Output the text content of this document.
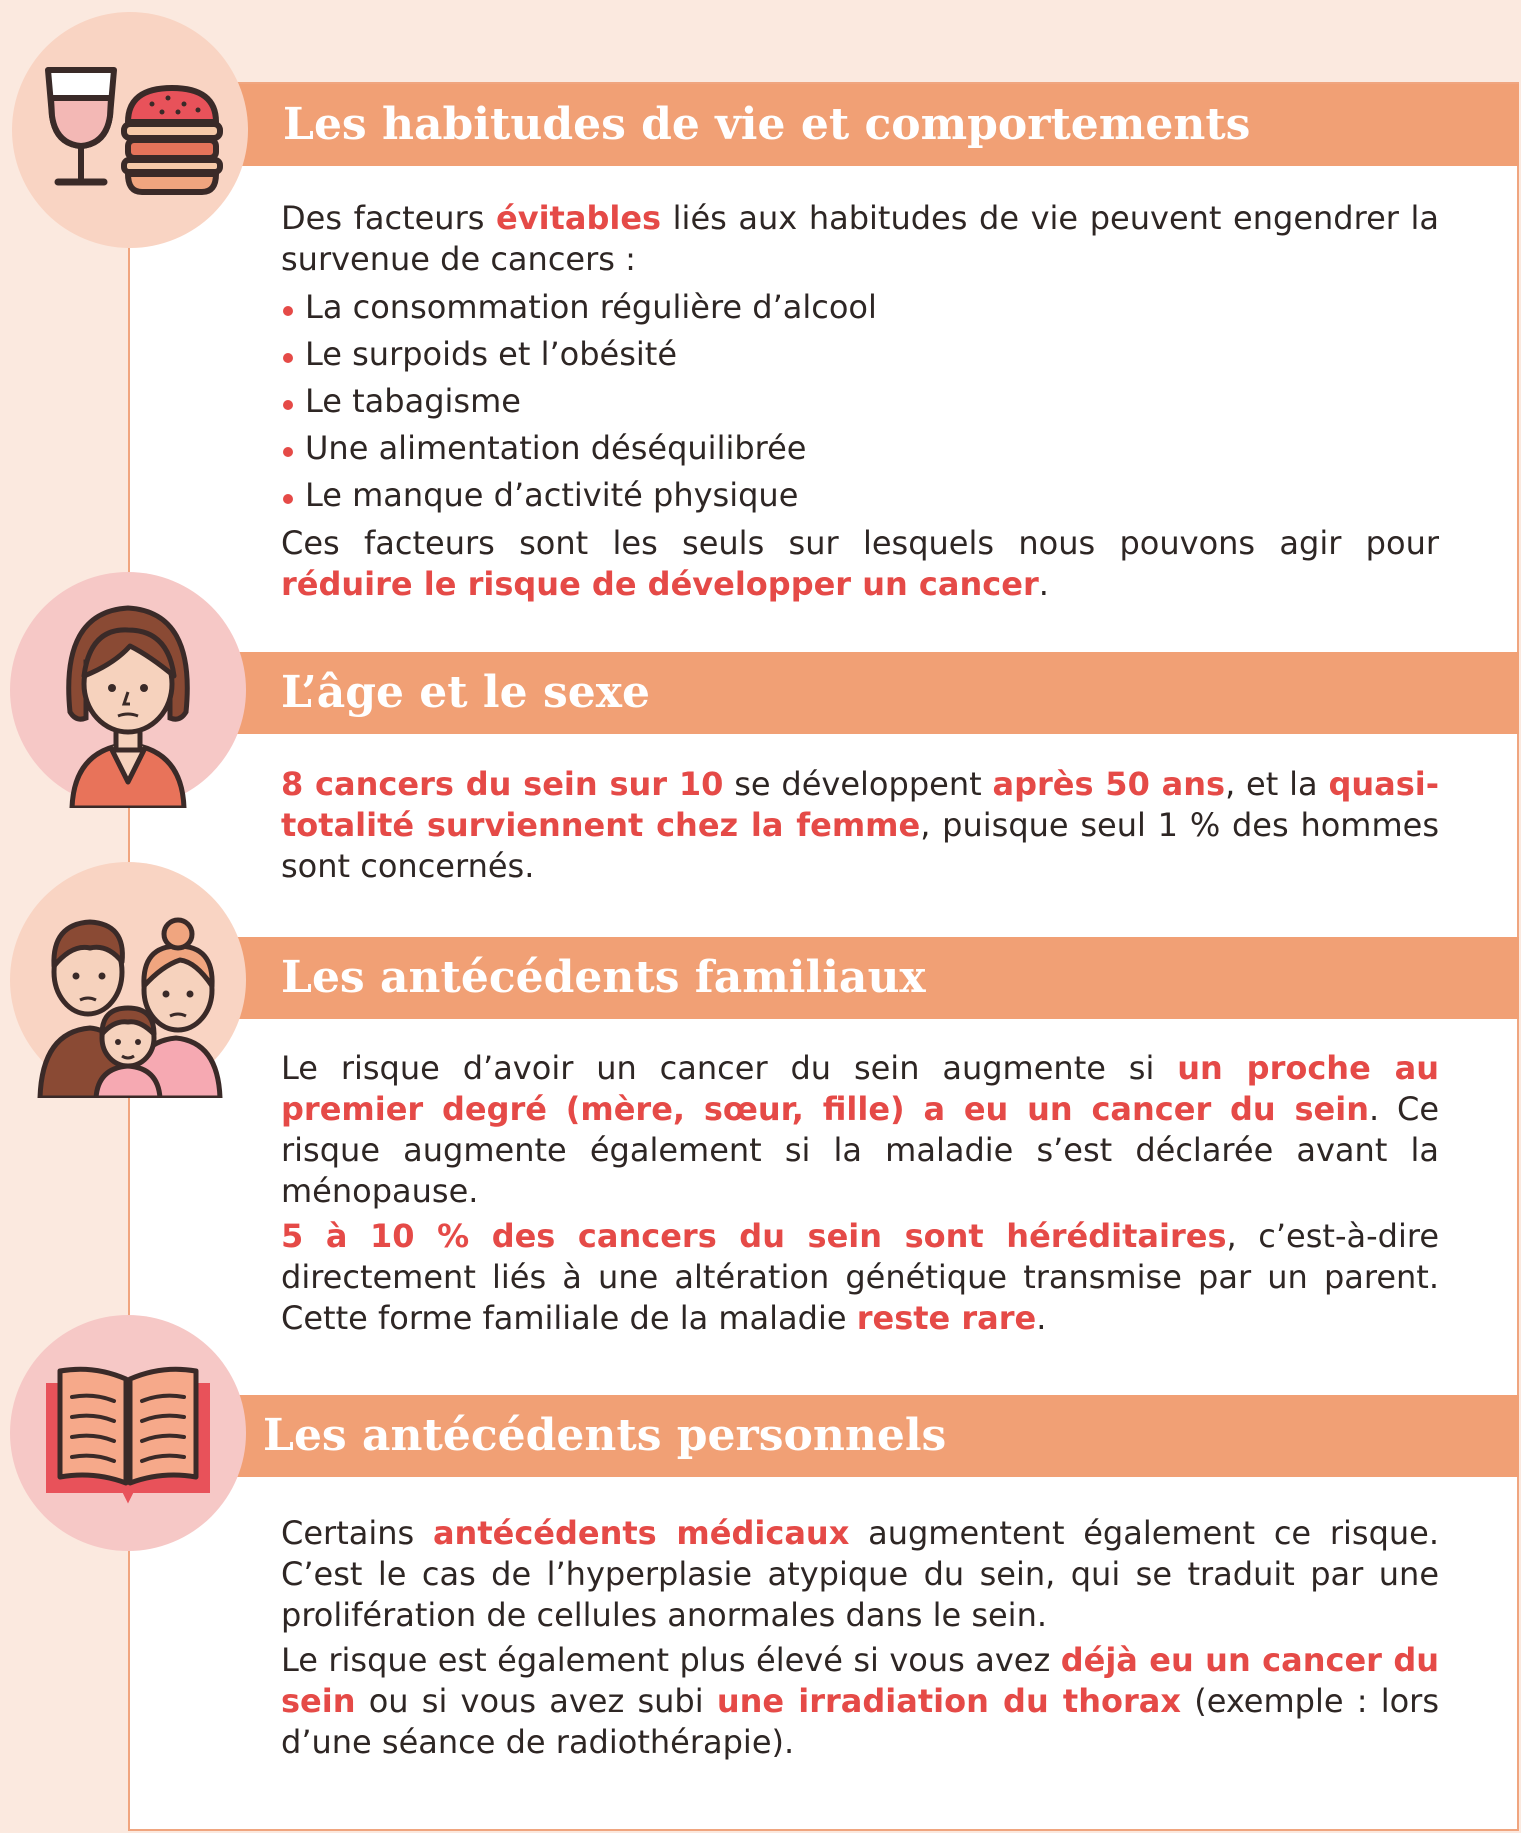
Les habitudes de vie et comportements

Des facteurs évitables liés aux habitudes de vie peuvent engendrer la survenue de cancers :

La consommation régulière d’alcool
Le surpoids et l’obésité
Le tabagisme
Une alimentation déséquilibrée
Le manque d’activité physique

Ces facteurs sont les seuls sur lesquels nous pouvons agir pour réduire le risque de développer un cancer.

L’âge et le sexe

8 cancers du sein sur 10 se développent après 50 ans, et la quasi-totalité surviennent chez la femme, puisque seul 1 % des hommes sont concernés.

Les antécédents familiaux

Le risque d’avoir un cancer du sein augmente si un proche au premier degré (mère, sœur, fille) a eu un cancer du sein. Ce risque augmente également si la maladie s’est déclarée avant la ménopause.

5 à 10 % des cancers du sein sont héréditaires, c’est-à-dire directement liés à une altération génétique transmise par un parent. Cette forme familiale de la maladie reste rare.

Les antécédents personnels

Certains antécédents médicaux augmentent également ce risque. C’est le cas de l’hyperplasie atypique du sein, qui se traduit par une prolifération de cellules anormales dans le sein.

Le risque est également plus élevé si vous avez déjà eu un cancer du sein ou si vous avez subi une irradiation du thorax (exemple : lors d’une séance de radiothérapie).
